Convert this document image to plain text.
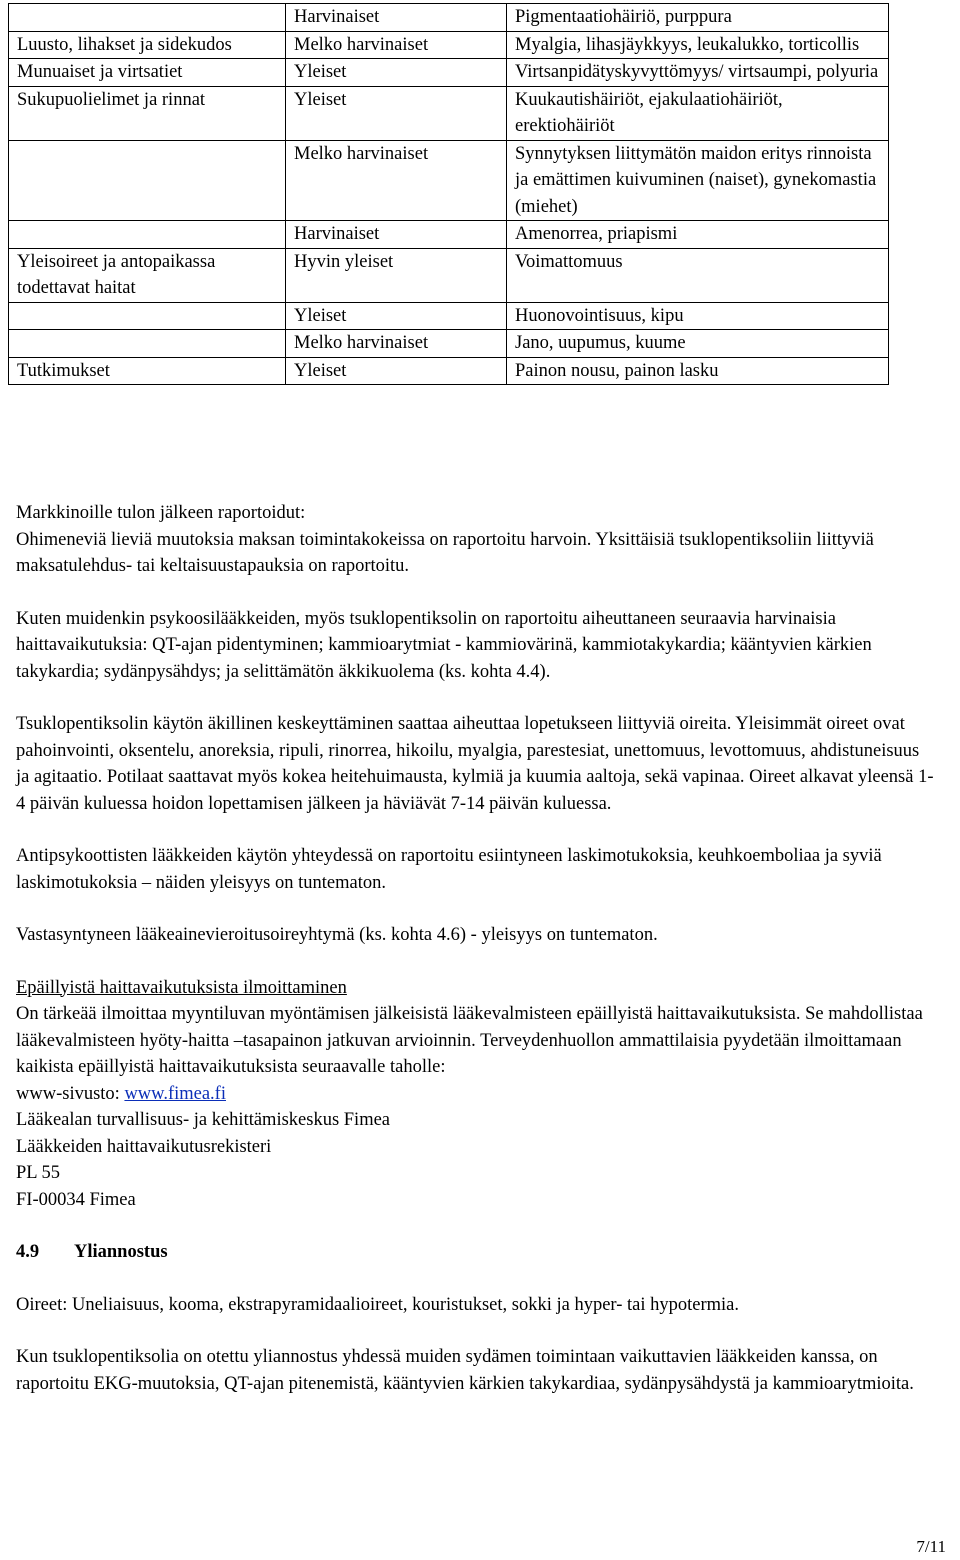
	Harvinaiset	Pigmentaatiohäiriö, purppura
Luusto, lihakset ja sidekudos	Melko harvinaiset	Myalgia, lihasjäykkyys, leukalukko, torticollis
Munuaiset ja virtsatiet	Yleiset	Virtsanpidätyskyvyttömyys/ virtsaumpi, polyuria
Sukupuolielimet ja rinnat	Yleiset	Kuukautishäiriöt, ejakulaatiohäiriöt, erektiohäiriöt
	Melko harvinaiset	Synnytyksen liittymätön maidon eritys rinnoista ja emättimen kuivuminen (naiset), gynekomastia (miehet)
	Harvinaiset	Amenorrea, priapismi
Yleisoireet ja antopaikassa todettavat haitat	Hyvin yleiset	Voimattomuus
	Yleiset	Huonovointisuus, kipu
	Melko harvinaiset	Jano, uupumus, kuume
Tutkimukset	Yleiset	Painon nousu, painon lasku

Markkinoille tulon jälkeen raportoidut:

Ohimeneviä lieviä muutoksia maksan toimintakokeissa on raportoitu harvoin. Yksittäisiä tsuklopentiksoliin liittyviä maksatulehdus- tai keltaisuustapauksia on raportoitu.

Kuten muidenkin psykoosilääkkeiden, myös tsuklopentiksolin on raportoitu aiheuttaneen seuraavia harvinaisia haittavaikutuksia: QT-ajan pidentyminen; kammioarytmiat - kammiovärinä, kammiotakykardia; kääntyvien kärkien takykardia; sydänpysähdys; ja selittämätön äkkikuolema (ks. kohta 4.4).

Tsuklopentiksolin käytön äkillinen keskeyttäminen saattaa aiheuttaa lopetukseen liittyviä oireita. Yleisimmät oireet ovat pahoinvointi, oksentelu, anoreksia, ripuli, rinorrea, hikoilu, myalgia, parestesiat, unettomuus, levottomuus, ahdistuneisuus ja agitaatio. Potilaat saattavat myös kokea heitehuimausta, kylmiä ja kuumia aaltoja, sekä vapinaa. Oireet alkavat yleensä 1-4 päivän kuluessa hoidon lopettamisen jälkeen ja häviävät 7-14 päivän kuluessa.

Antipsykoottisten lääkkeiden käytön yhteydessä on raportoitu esiintyneen laskimotukoksia, keuhkoemboliaa ja syviä laskimotukoksia – näiden yleisyys on tuntematon.

Vastasyntyneen lääkeainevieroitusoireyhtymä (ks. kohta 4.6) - yleisyys on tuntematon.

Epäillyistä haittavaikutuksista ilmoittaminen

On tärkeää ilmoittaa myyntiluvan myöntämisen jälkeisistä lääkevalmisteen epäillyistä haittavaikutuksista. Se mahdollistaa lääkevalmisteen hyöty-haitta –tasapainon jatkuvan arvioinnin. Terveydenhuollon ammattilaisia pyydetään ilmoittamaan kaikista epäillyistä haittavaikutuksista seuraavalle taholle:

www-sivusto: www.fimea.fi

Lääkealan turvallisuus- ja kehittämiskeskus Fimea

Lääkkeiden haittavaikutusrekisteri

PL 55

FI-00034 Fimea

4.9 Yliannostus

Oireet: Uneliaisuus, kooma, ekstrapyramidaalioireet, kouristukset, sokki ja hyper- tai hypotermia.

Kun tsuklopentiksolia on otettu yliannostus yhdessä muiden sydämen toimintaan vaikuttavien lääkkeiden kanssa, on raportoitu EKG-muutoksia, QT-ajan pitenemistä, kääntyvien kärkien takykardiaa, sydänpysähdystä ja kammioarytmioita.

7/11
